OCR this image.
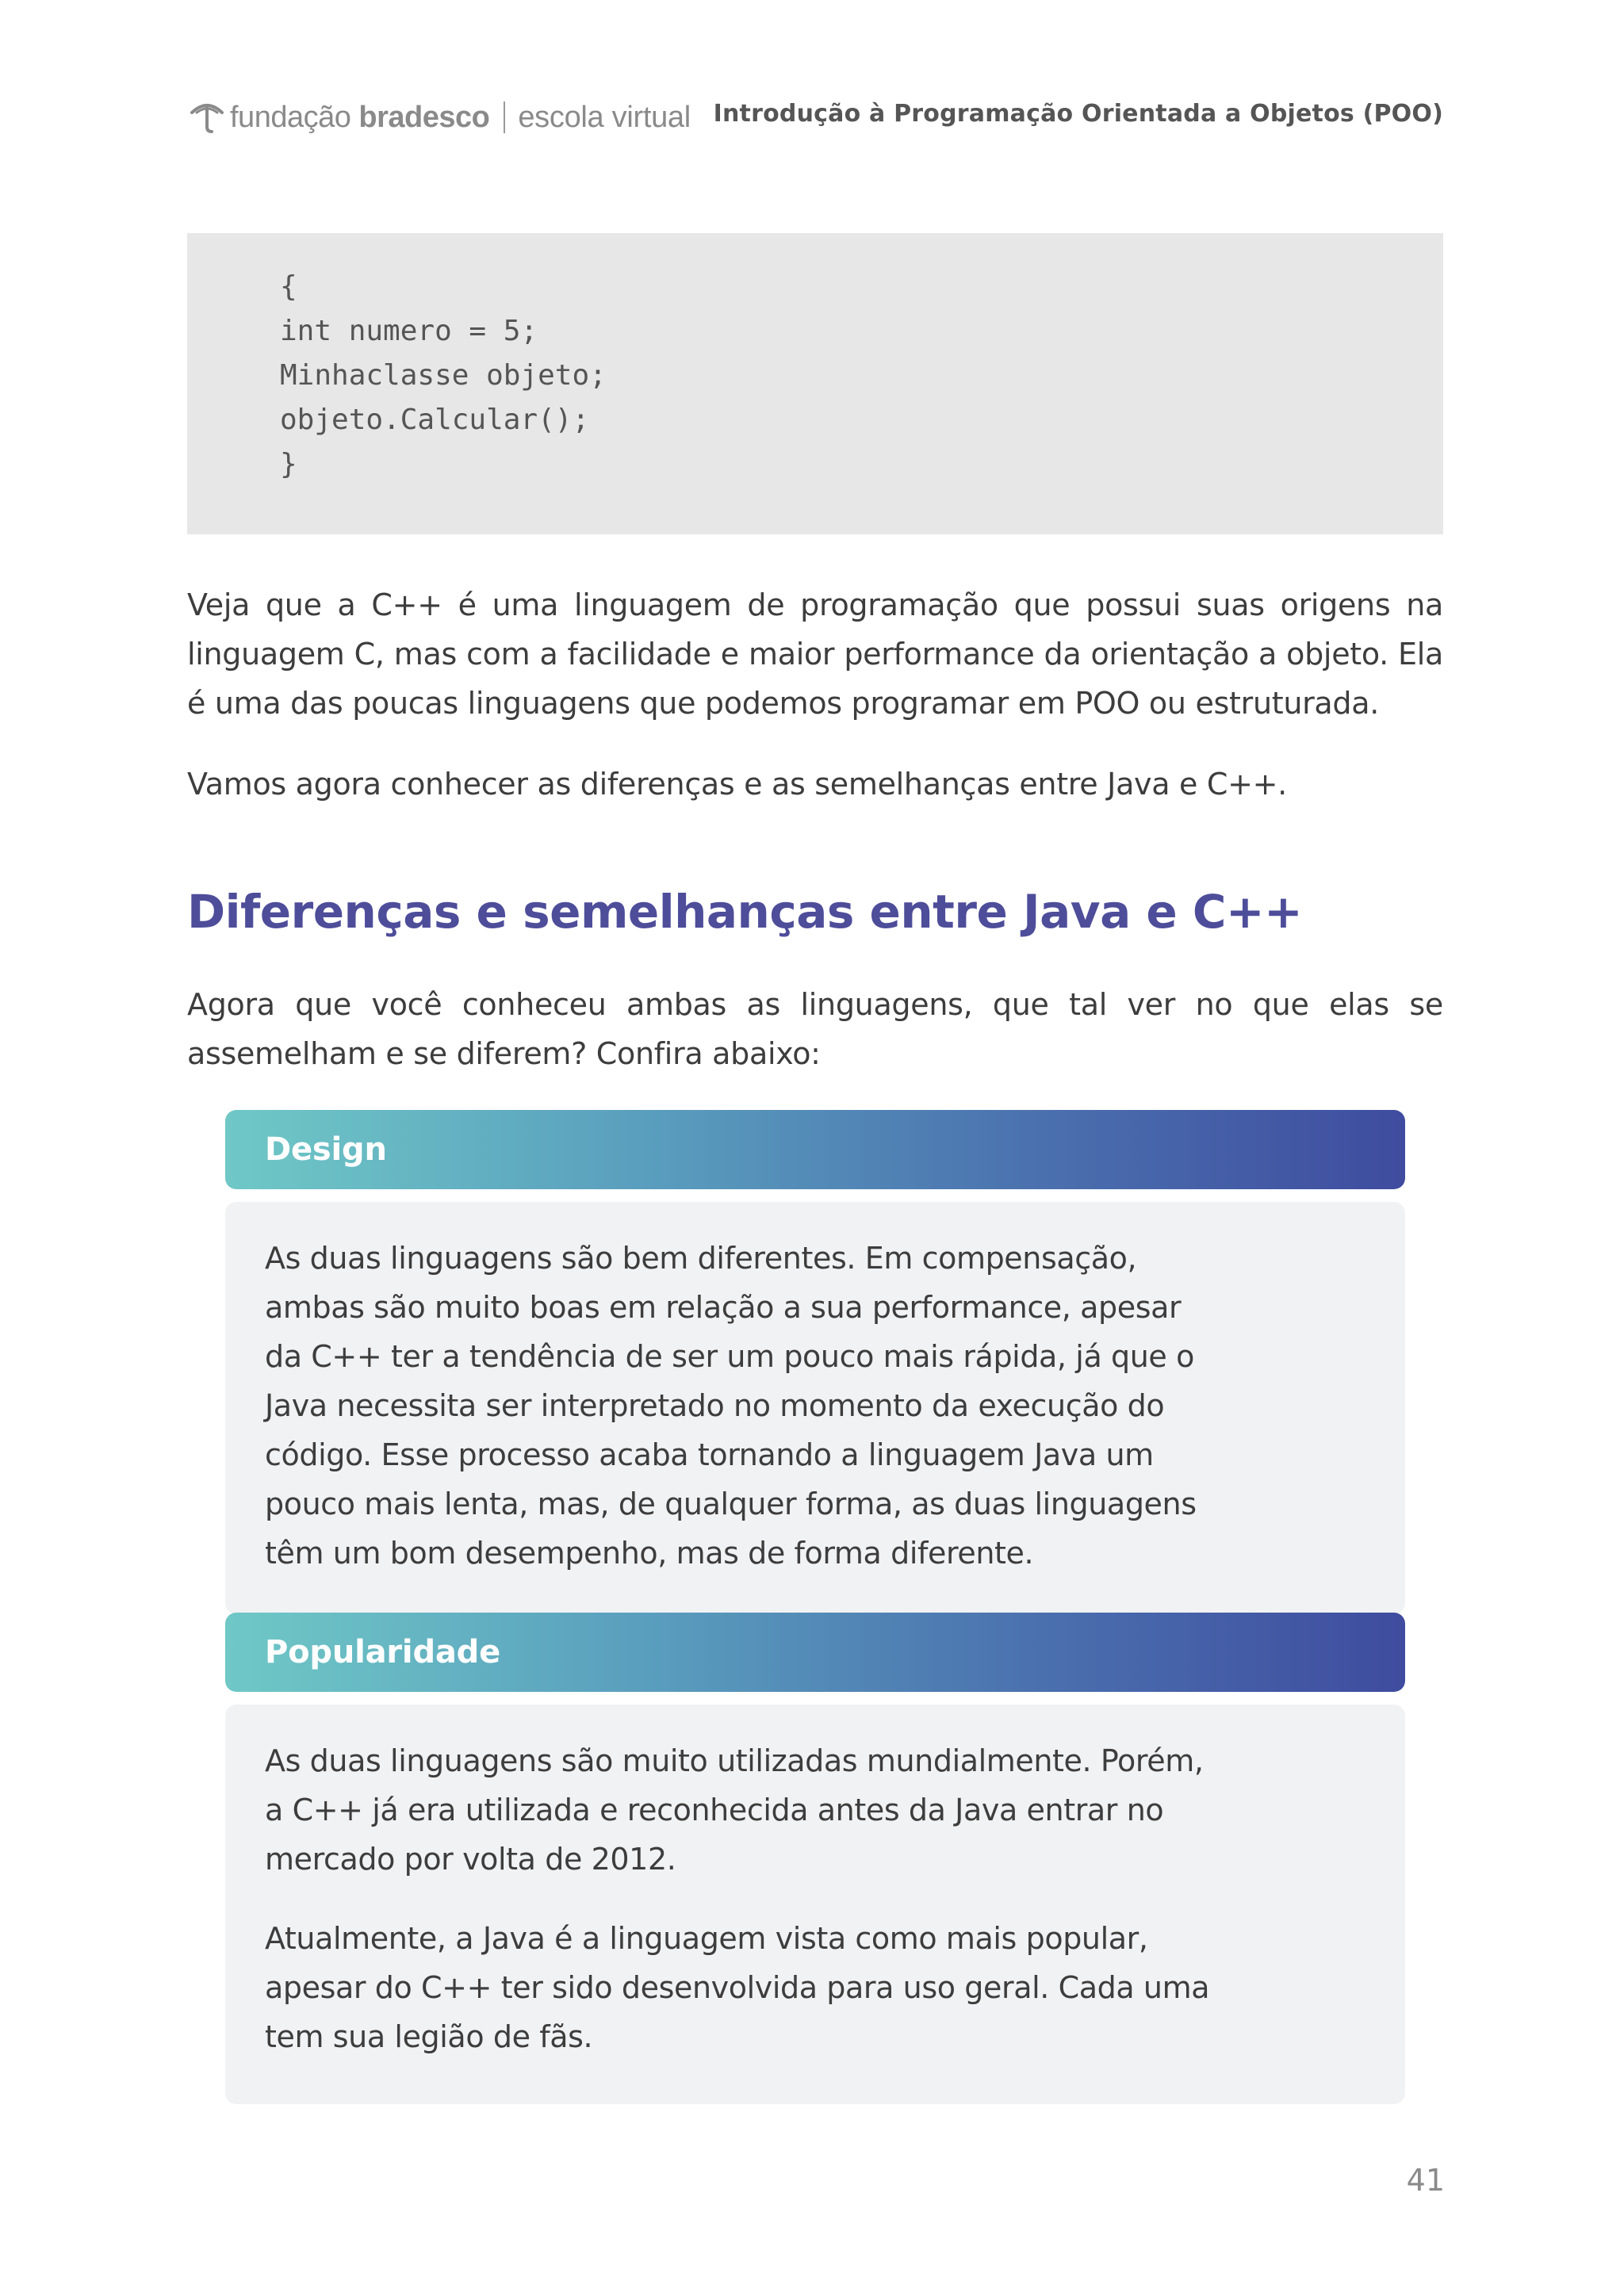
fundação bradesco escola virtual Introdução à Programação Orientada a Objetos (POO)
{
int numero = 5;
Minhaclasse objeto;
objeto.Calcular();
}

Veja que a C++ é uma linguagem de programação que possui suas origens na linguagem C, mas com a facilidade e maior performance da orientação a objeto. Ela é uma das poucas linguagens que podemos programar em POO ou estruturada.

Vamos agora conhecer as diferenças e as semelhanças entre Java e C++.

Diferenças e semelhanças entre Java e C++

Agora que você conheceu ambas as linguagens, que tal ver no que elas se assemelham e se diferem? Confira abaixo:

Design

As duas linguagens são bem diferentes. Em compensação, ambas são muito boas em relação a sua performance, apesar da C++ ter a tendência de ser um pouco mais rápida, já que o Java necessita ser interpretado no momento da execução do código. Esse processo acaba tornando a linguagem Java um pouco mais lenta, mas, de qualquer forma, as duas linguagens têm um bom desempenho, mas de forma diferente.

Popularidade

As duas linguagens são muito utilizadas mundialmente. Porém, a C++ já era utilizada e reconhecida antes da Java entrar no mercado por volta de 2012.

Atualmente, a Java é a linguagem vista como mais popular, apesar do C++ ter sido desenvolvida para uso geral. Cada uma tem sua legião de fãs.

41
